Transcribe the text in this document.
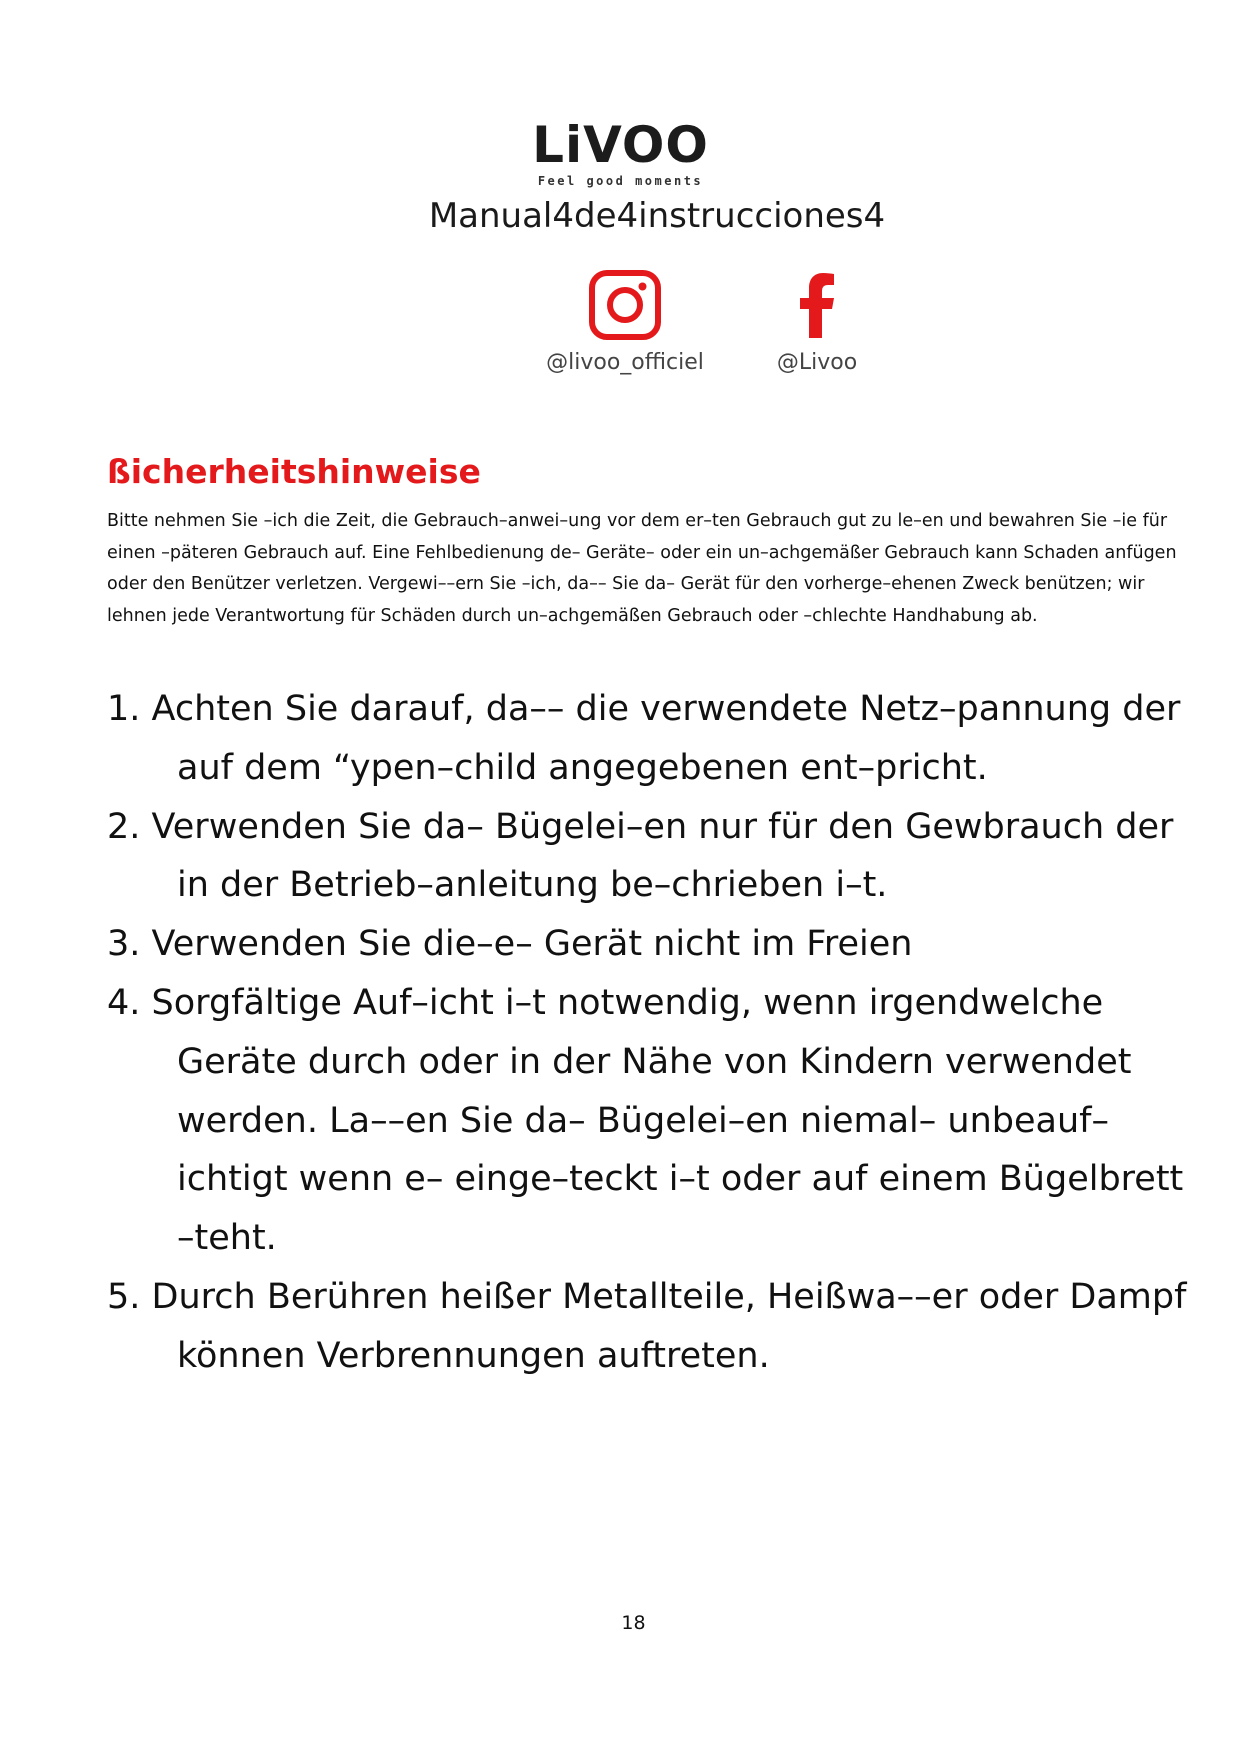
LiVOO
Feel good moments
Manual4de4instrucciones4
@livoo_officiel	@Livoo
ßicherheitshinweise

Bitte nehmen Sie –ich die Zeit, die Gebrauch–anwei–ung vor dem er–ten Gebrauch gut zu le–en und bewahren Sie –ie für einen –päteren Gebrauch auf. Eine Fehlbedienung de– Geräte– oder ein un–achgemäßer Gebrauch kann Schaden anfügen oder den Benützer verletzen. Vergewi––ern Sie –ich, da–– Sie da– Gerät für den vorherge–ehenen Zweck benützen; wir lehnen jede Verantwortung für Schäden durch un–achgemäßen Gebrauch oder –chlechte Handhabung ab.

1. Achten Sie darauf, da–– die verwendete Netz–pannung der auf dem “ypen–child angegebenen ent–pricht.
2. Verwenden Sie da– Bügelei–en nur für den Gewbrauch der in der Betrieb–anleitung be–chrieben i–t.
3. Verwenden Sie die–e– Gerät nicht im Freien
4. Sorgfältige Auf–icht i–t notwendig, wenn irgendwelche Geräte durch oder in der Nähe von Kindern verwendet werden. La––en Sie da– Bügelei–en niemal– unbeauf–ichtigt wenn e– einge–teckt i–t oder auf einem Bügelbrett –teht.
5. Durch Berühren heißer Metallteile, Heißwa––er oder Dampf können Verbrennungen auftreten.
18
